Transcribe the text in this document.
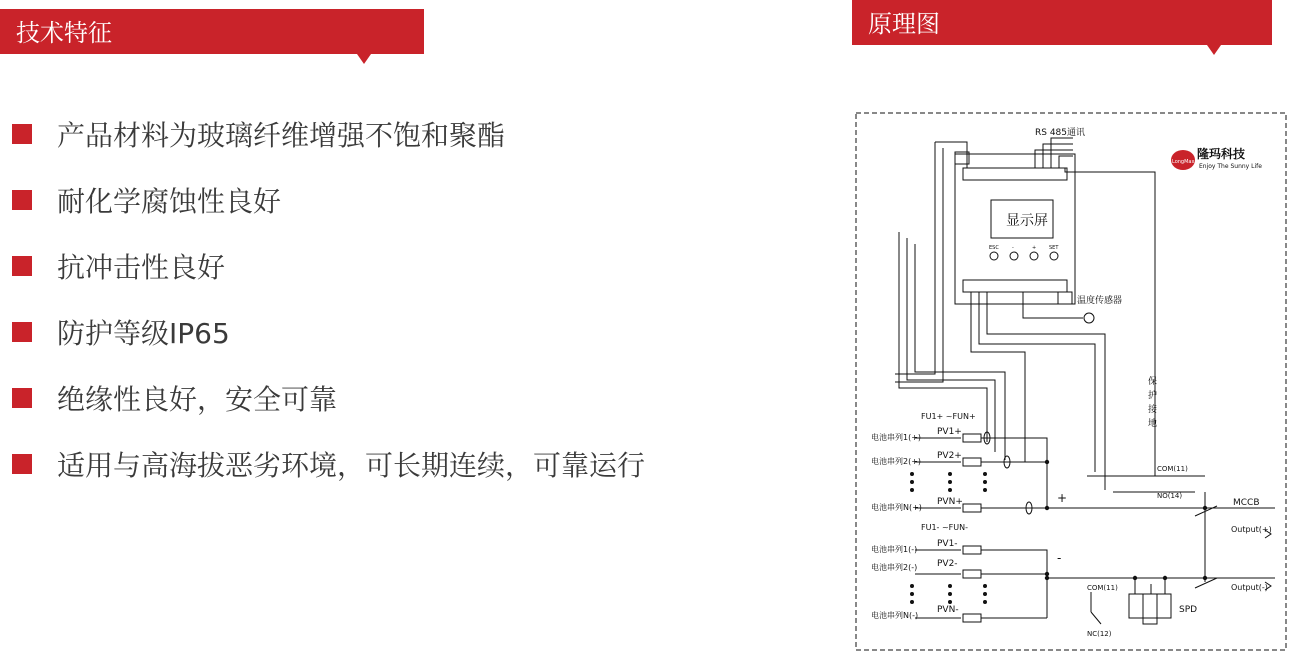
技术特征	原理图
产品材料为玻璃纤维增强不饱和聚酯
耐化学腐蚀性良好
抗冲击性良好
防护等级IP65
绝缘性良好，安全可靠
适用与高海拔恶劣环境，可长期连续，可靠运行
LongMax
隆玛科技
Enjoy The Sunny Life
RS 485通讯
显示屏
ESC	-	+	SET
温度传感器
保
护
接
地
FU1+ ~FUN+
电池串列1(+)
电池串列2(+)
电池串列N(+)
PV1+
PV2+
PVN+	+
FU1- ~FUN-
电池串列1(-)
电池串列2(-)
电池串列N(-)
PV1-
PV2-
PVN-
-
COM(11)
NO(14)
MCCB
Output(+)
Output(-)
COM(11)
NC(12)
SPD
